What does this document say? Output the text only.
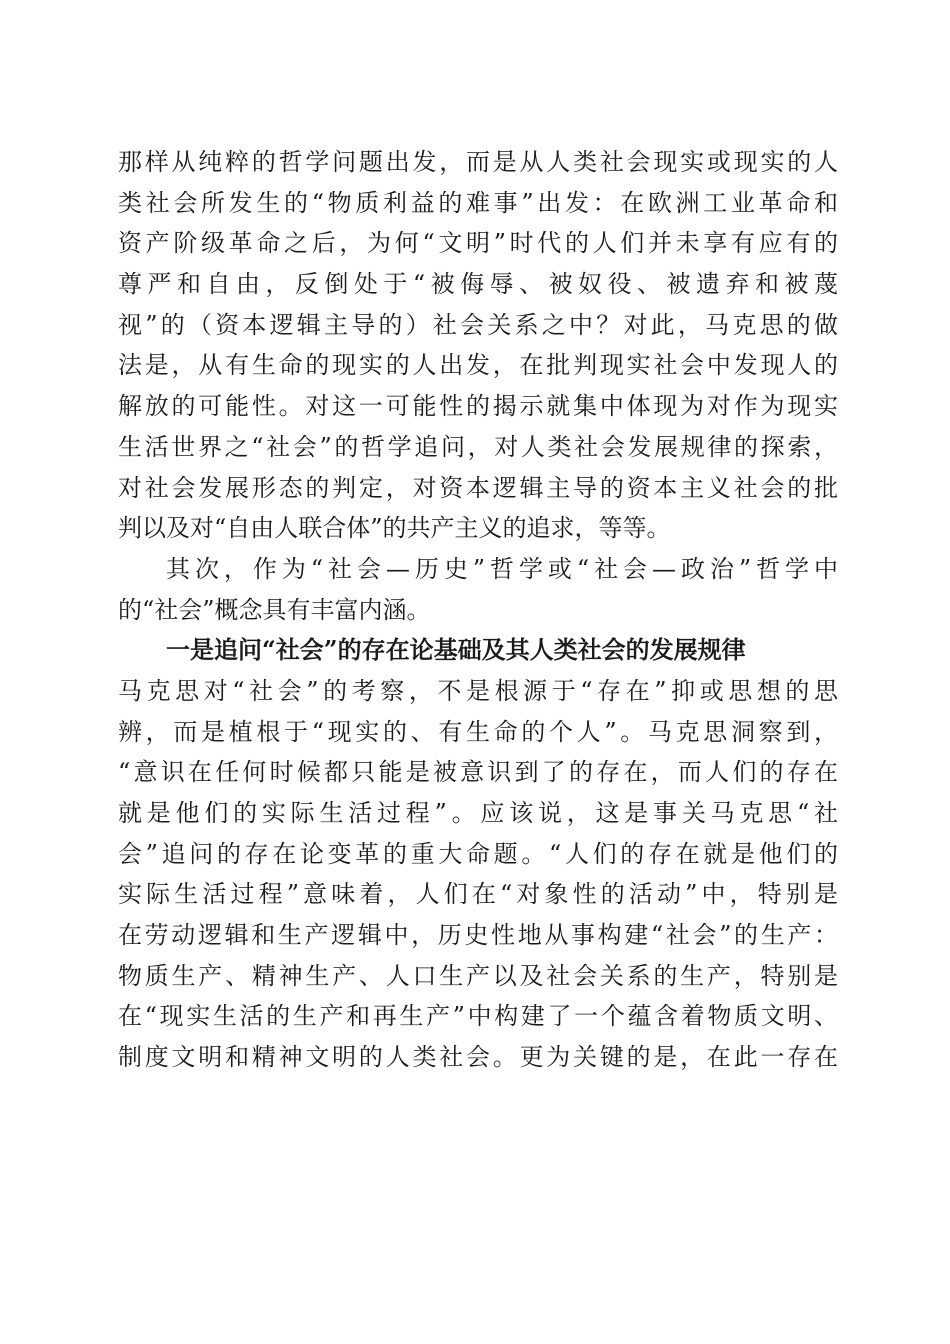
那样从纯粹的哲学问题出发，而是从人类社会现实或现实的人
类社会所发生的“物质利益的难事”出发：在欧洲工业革命和
资产阶级革命之后，为何“文明”时代的人们并未享有应有的
尊严和自由，反倒处于“被侮辱、被奴役、被遗弃和被蔑
视”的（资本逻辑主导的）社会关系之中？对此，马克思的做
法是，从有生命的现实的人出发，在批判现实社会中发现人的
解放的可能性。对这一可能性的揭示就集中体现为对作为现实
生活世界之“社会”的哲学追问，对人类社会发展规律的探索，
对社会发展形态的判定，对资本逻辑主导的资本主义社会的批
判以及对“自由人联合体”的共产主义的追求，等等。
其次，作为“社会—历史”哲学或“社会—政治”哲学中
的“社会”概念具有丰富内涵。
一是追问“社会”的存在论基础及其人类社会的发展规律
马克思对“社会”的考察，不是根源于“存在”抑或思想的思
辨，而是植根于“现实的、有生命的个人”。马克思洞察到，
“意识在任何时候都只能是被意识到了的存在，而人们的存在
就是他们的实际生活过程”。应该说，这是事关马克思“社
会”追问的存在论变革的重大命题。“人们的存在就是他们的
实际生活过程”意味着，人们在“对象性的活动”中，特别是
在劳动逻辑和生产逻辑中，历史性地从事构建“社会”的生产：
物质生产、精神生产、人口生产以及社会关系的生产，特别是
在“现实生活的生产和再生产”中构建了一个蕴含着物质文明、
制度文明和精神文明的人类社会。更为关键的是，在此一存在
